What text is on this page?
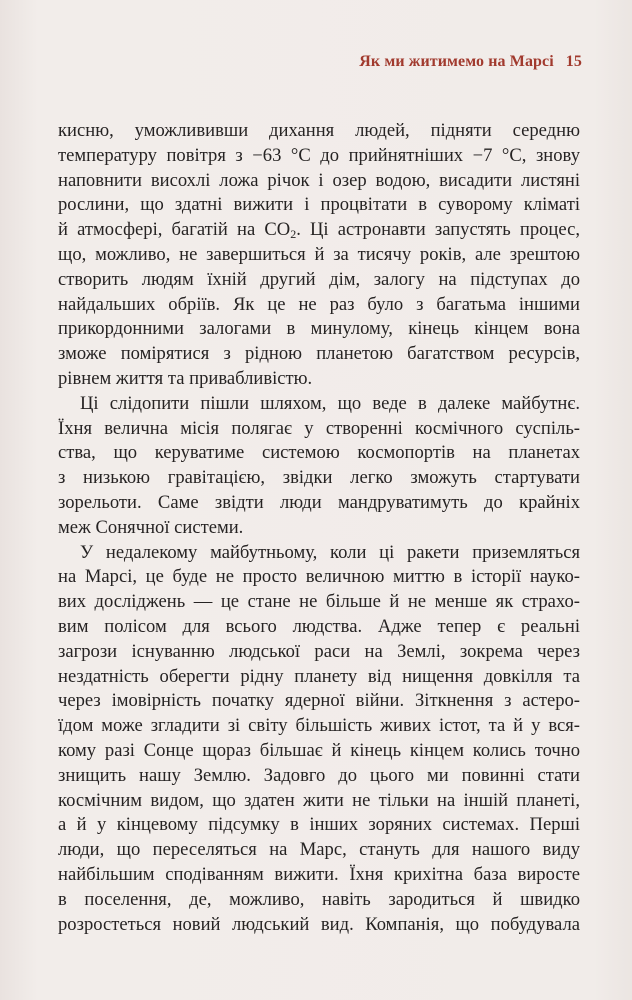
Як ми житимемо на Марсі 15
кисню, уможлививши дихання людей, підняти середню
температуру повітря з −63 °С до прийнятніших −7 °С, знову
наповнити висохлі ложа річок і озер водою, висадити листяні
рослини, що здатні вижити і процвітати в суворому кліматі
й атмосфері, багатій на $CO_2$. Ці астронавти запустять процес,
що, можливо, не завершиться й за тисячу років, але зрештою
створить людям їхній другий дім, залогу на підступах до
найдальших обріїв. Як це не раз було з багатьма іншими
прикордонними залогами в минулому, кінець кінцем вона
зможе помірятися з рідною планетою багатством ресурсів,
рівнем життя та привабливістю.
Ці слідопити пішли шляхом, що веде в далеке майбутнє.
Їхня велична місія полягає у створенні космічного суспіль-
ства, що керуватиме системою космопортів на планетах
з низькою гравітацією, звідки легко зможуть стартувати
зорельоти. Саме звідти люди мандруватимуть до крайніх
меж Сонячної системи.
У недалекому майбутньому, коли ці ракети приземляться
на Марсі, це буде не просто величною миттю в історії науко-
вих досліджень — це стане не більше й не менше як страхо-
вим полісом для всього людства. Адже тепер є реальні
загрози існуванню людської раси на Землі, зокрема через
нездатність оберегти рідну планету від нищення довкілля та
через імовірність початку ядерної війни. Зіткнення з астеро-
їдом може згладити зі світу більшість живих істот, та й у вся-
кому разі Сонце щораз більшає й кінець кінцем колись точно
знищить нашу Землю. Задовго до цього ми повинні стати
космічним видом, що здатен жити не тільки на іншій планеті,
а й у кінцевому підсумку в інших зоряних системах. Перші
люди, що переселяться на Марс, стануть для нашого виду
найбільшим сподіванням вижити. Їхня крихітна база виросте
в поселення, де, можливо, навіть зародиться й швидко
розростеться новий людський вид. Компанія, що побудувала
